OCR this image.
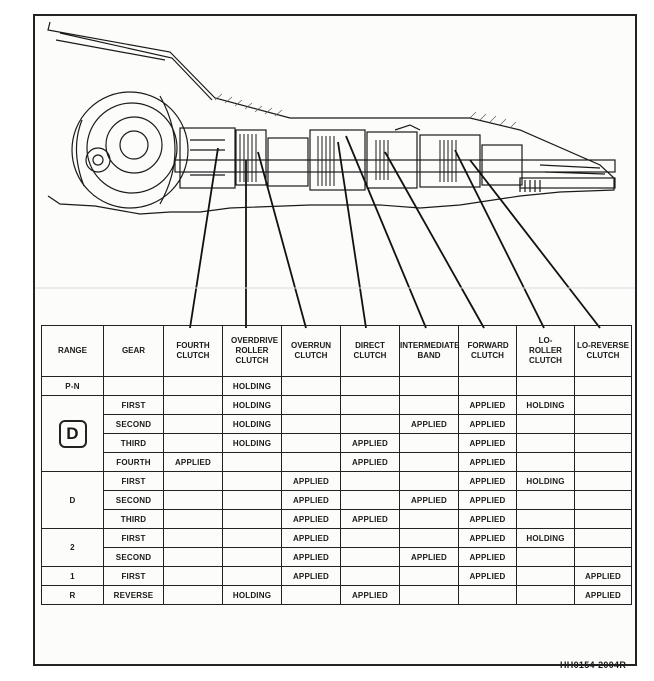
RANGE	GEAR	FOURTH CLUTCH	OVERDRIVE ROLLER CLUTCH	OVERRUN CLUTCH	DIRECT CLUTCH	INTERMEDIATE BAND	FORWARD CLUTCH	LO-ROLLER CLUTCH	LO-REVERSE CLUTCH
P-N			HOLDING						
D	FIRST		HOLDING				APPLIED	HOLDING	
	SECOND		HOLDING			APPLIED	APPLIED		
	THIRD		HOLDING		APPLIED		APPLIED		
	FOURTH	APPLIED			APPLIED		APPLIED		
D	FIRST			APPLIED			APPLIED	HOLDING	
	SECOND			APPLIED		APPLIED	APPLIED		
	THIRD			APPLIED	APPLIED		APPLIED		
2	FIRST			APPLIED			APPLIED	HOLDING	
	SECOND			APPLIED		APPLIED	APPLIED		
1	FIRST			APPLIED			APPLIED		APPLIED
R	REVERSE		HOLDING		APPLIED				APPLIED
HH0154-2004R
